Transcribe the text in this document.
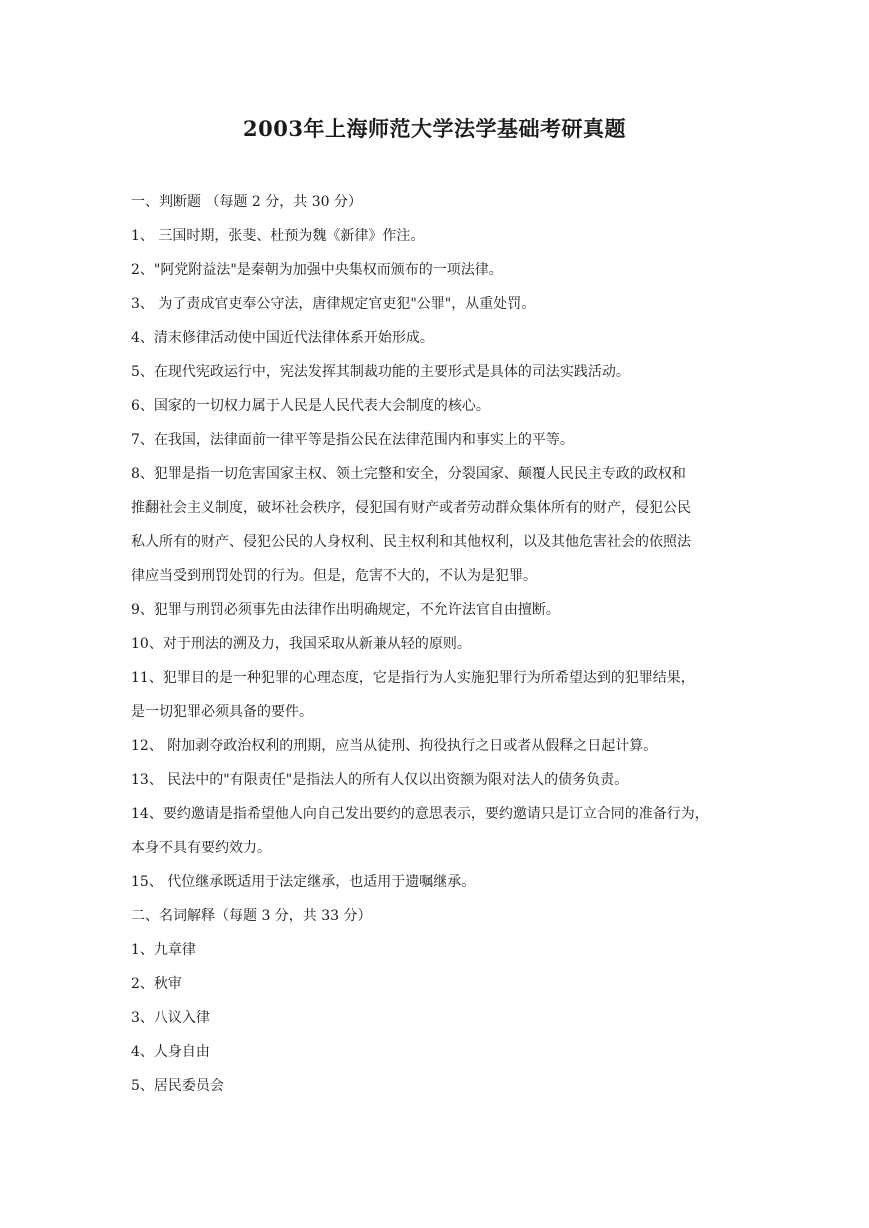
2003年上海师范大学法学基础考研真题
一、判断题 （每题 2 分，共 30 分）
1、 三国时期，张斐、杜预为魏《新律》作注。
2、"阿党附益法"是秦朝为加强中央集权而颁布的一项法律。
3、 为了责成官吏奉公守法，唐律规定官吏犯"公罪"，从重处罚。
4、清末修律活动使中国近代法律体系开始形成。
5、在现代宪政运行中，宪法发挥其制裁功能的主要形式是具体的司法实践活动。
6、国家的一切权力属于人民是人民代表大会制度的核心。
7、在我国，法律面前一律平等是指公民在法律范围内和事实上的平等。
8、犯罪是指一切危害国家主权、领土完整和安全，分裂国家、颠覆人民民主专政的政权和
推翻社会主义制度，破坏社会秩序，侵犯国有财产或者劳动群众集体所有的财产，侵犯公民
私人所有的财产、侵犯公民的人身权利、民主权利和其他权利，以及其他危害社会的依照法
律应当受到刑罚处罚的行为。但是，危害不大的，不认为是犯罪。
9、犯罪与刑罚必须事先由法律作出明确规定，不允许法官自由擅断。
10、对于刑法的溯及力，我国采取从新兼从轻的原则。
11、犯罪目的是一种犯罪的心理态度，它是指行为人实施犯罪行为所希望达到的犯罪结果，
是一切犯罪必须具备的要件。
12、 附加剥夺政治权利的刑期，应当从徒刑、拘役执行之日或者从假释之日起计算。
13、 民法中的"有限责任"是指法人的所有人仅以出资额为限对法人的债务负责。
14、要约邀请是指希望他人向自己发出要约的意思表示，要约邀请只是订立合同的准备行为，
本身不具有要约效力。
15、 代位继承既适用于法定继承，也适用于遗嘱继承。
二、名词解释（每题 3 分，共 33 分）
1、九章律
2、秋审
3、八议入律
4、人身自由
5、居民委员会
